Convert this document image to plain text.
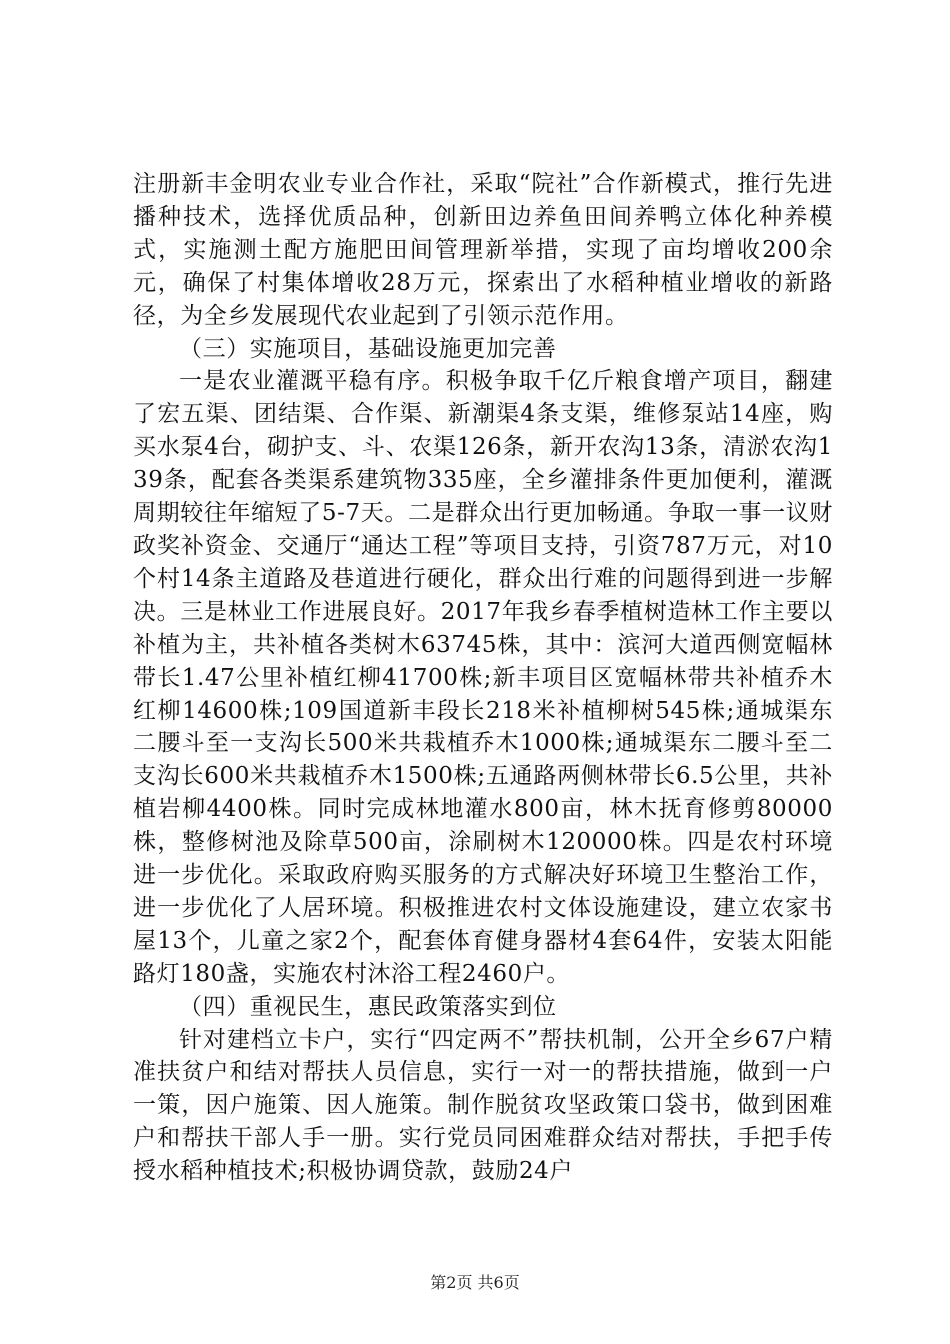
注册新丰金明农业专业合作社，采取“院社”合作新模式，推行先进播种技术，选择优质品种，创新田边养鱼田间养鸭立体化种养模式，实施测土配方施肥田间管理新举措，实现了亩均增收200余元，确保了村集体增收28万元，探索出了水稻种植业增收的新路径，为全乡发展现代农业起到了引领示范作用。

（三）实施项目，基础设施更加完善

一是农业灌溉平稳有序。积极争取千亿斤粮食增产项目，翻建了宏五渠、团结渠、合作渠、新潮渠4条支渠，维修泵站14座，购买水泵4台，砌护支、斗、农渠126条，新开农沟13条，清淤农沟139条，配套各类渠系建筑物335座，全乡灌排条件更加便利，灌溉周期较往年缩短了5-7天。二是群众出行更加畅通。争取一事一议财政奖补资金、交通厅“通达工程”等项目支持，引资787万元，对10个村14条主道路及巷道进行硬化，群众出行难的问题得到进一步解决。三是林业工作进展良好。2017年我乡春季植树造林工作主要以补植为主，共补植各类树木63745株，其中：滨河大道西侧宽幅林带长1.47公里补植红柳41700株;新丰项目区宽幅林带共补植乔木红柳14600株;109国道新丰段长218米补植柳树545株;通城渠东二腰斗至一支沟长500米共栽植乔木1000株;通城渠东二腰斗至二支沟长600米共栽植乔木1500株;五通路两侧林带长6.5公里，共补植岩柳4400株。同时完成林地灌水800亩，林木抚育修剪80000株，整修树池及除草500亩，涂刷树木120000株。四是农村环境进一步优化。采取政府购买服务的方式解决好环境卫生整治工作，进一步优化了人居环境。积极推进农村文体设施建设，建立农家书屋13个，儿童之家2个，配套体育健身器材4套64件，安装太阳能路灯180盏，实施农村沐浴工程2460户。

（四）重视民生，惠民政策落实到位

针对建档立卡户，实行“四定两不”帮扶机制，公开全乡67户精准扶贫户和结对帮扶人员信息，实行一对一的帮扶措施，做到一户一策，因户施策、因人施策。制作脱贫攻坚政策口袋书，做到困难户和帮扶干部人手一册。实行党员同困难群众结对帮扶，手把手传授水稻种植技术;积极协调贷款，鼓励24户

第2页 共6页
